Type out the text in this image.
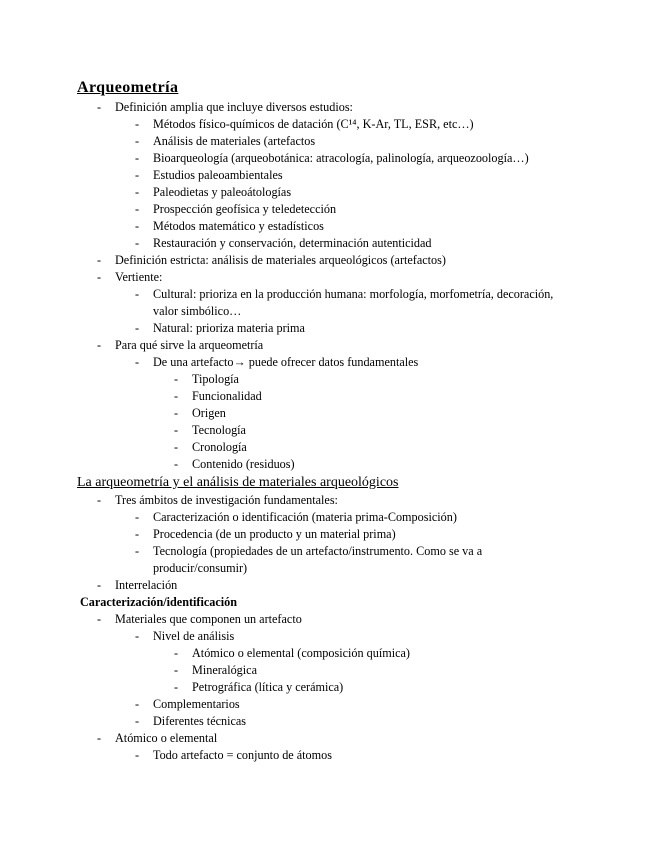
Arqueometría
- Definición amplia que incluye diversos estudios:
- Métodos físico-químicos de datación (C¹⁴, K-Ar, TL, ESR, etc…)
- Análisis de materiales (artefactos
- Bioarqueología (arqueobotánica: atracología, palinología, arqueozoología…)
- Estudios paleoambientales
- Paleodietas y paleoátologías
- Prospección geofísica y teledetección
- Métodos matemático y estadísticos
- Restauración y conservación, determinación autenticidad
- Definición estricta: análisis de materiales arqueológicos (artefactos)
- Vertiente:
- Cultural: prioriza en la producción humana: morfología, morfometría, decoración,
valor simbólico…
- Natural: prioriza materia prima
- Para qué sirve la arqueometría
- De una artefacto→ puede ofrecer datos fundamentales
- Tipología
- Funcionalidad
- Origen
- Tecnología
- Cronología
- Contenido (residuos)
La arqueometría y el análisis de materiales arqueológicos
- Tres ámbitos de investigación fundamentales:
- Caracterización o identificación (materia prima-Composición)
- Procedencia (de un producto y un material prima)
- Tecnología (propiedades de un artefacto/instrumento. Como se va a
producir/consumir)
- Interrelación
Caracterización/identificación
- Materiales que componen un artefacto
- Nivel de análisis
- Atómico o elemental (composición química)
- Mineralógica
- Petrográfica (lítica y cerámica)
- Complementarios
- Diferentes técnicas
- Atómico o elemental
- Todo artefacto = conjunto de átomos
